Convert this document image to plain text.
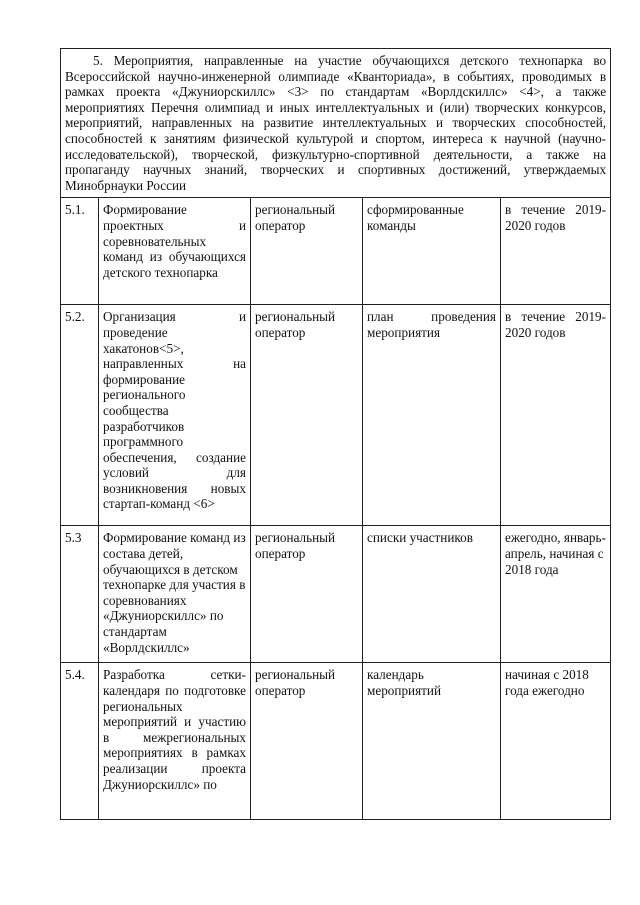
5. Мероприятия, направленные на участие обучающихся детского технопарка во Всероссийской научно-инженерной олимпиаде «Кванториада», в событиях, проводимых в рамках проекта «Джуниорскиллс» <3> по стандартам «Ворлдскиллс» <4>, а также мероприятиях Перечня олимпиад и иных интеллектуальных и (или) творческих конкурсов, мероприятий, направленных на развитие интеллектуальных и творческих способностей, способностей к занятиям физической культурой и спортом, интереса к научной (научно-исследовательской), творческой, физкультурно-спортивной деятельности, а также на пропаганду научных знаний, творческих и спортивных достижений, утверждаемых Минобрнауки России				
5.1.	Формирование проектных и соревновательных команд из обучающихся детского технопарка	региональный оператор	сформированные команды	в течение 2019-2020 годов
5.2.	Организация и проведение хакатонов<5>, направленных на формирование регионального сообщества разработчиков программного обеспечения, создание условий для возникновения новых стартап-команд <6>	региональный оператор	план проведения мероприятия	в течение 2019-2020 годов
5.3	Формирование команд из состава детей, обучающихся в детском технопарке для участия в соревнованиях «Джуниорскиллс» по стандартам «Ворлдскиллс»	региональный оператор	списки участников	ежегодно, январь-апрель, начиная с 2018 года
5.4.	Разработка сетки-календаря по подготовке региональных мероприятий и участию в межрегиональных мероприятиях в рамках реализации проекта Джуниорскиллс» по	региональный оператор	календарь мероприятий	начиная с 2018 года ежегодно
